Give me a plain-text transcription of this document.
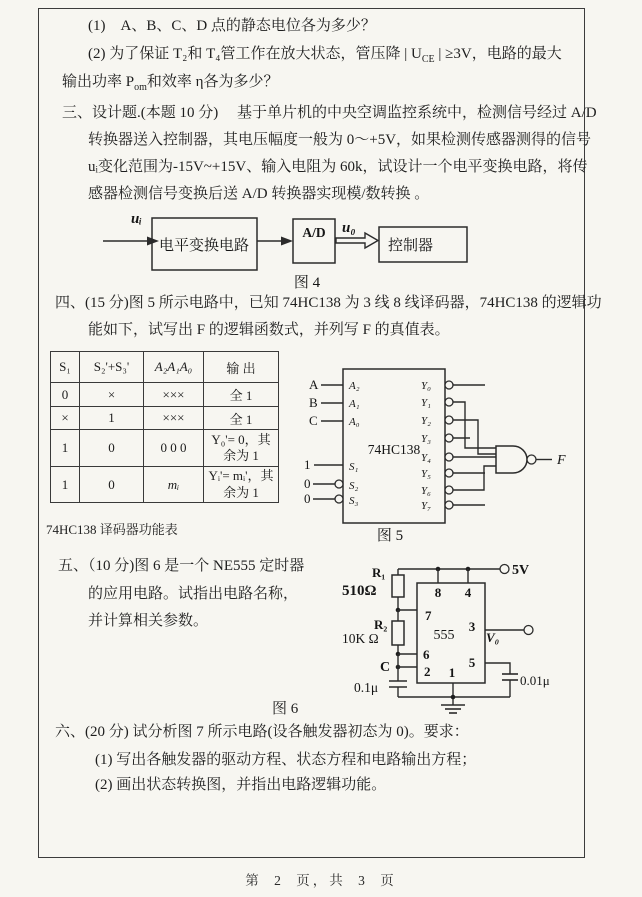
(1)　A、B、C、D 点的静态电位各为多少？
(2) 为了保证 T₂和 T₄管工作在放大状态，管压降 | $U_{CE}$ | ≥3V，电路的最大
输出功率 $P_{om}$和效率 η各为多少？
三、设计题.(本题 10 分)　 基于单片机的中央空调监控系统中，检测信号经过 A/D
转换器送入控制器，其电压幅度一般为 0～+5V，如果检测传感器测得的信号
uᵢ变化范围为-15V~+15V、输入电阻为 60k，试设计一个电平变换电路，将传
感器检测信号变换后送 A/D 转换器实现模/数转换 。
uᵢ
电平变换电路
A/D u₀
控制器
图 4
四、(15 分)图 5 所示电路中，已知 74HC138 为 3 线 8 线译码器，74HC138 的逻辑功
能如下，试写出 F 的逻辑函数式，并列写 F 的真值表。
S₁	S₂'+S₃'	A₂A₁A₀	输 出
0	×	×××	全 1
×	1	×××	全 1
1	0	0 0 0	Y₀'= 0，其余为 1
1	0	mᵢ	Yᵢ'= mᵢ'，其余为 1
74HC138 译码器功能表
74HC138
A
B
C
A₂
A₁
A₀
1	S₁
0	S₂
0	S₃
Y₀
Y₁
Y₂
Y₃
Y₄
Y₅
Y₆
Y₇
F
图 5
五、（10 分)图 6 是一个 NE555 定时器
的应用电路。试指出电路名称，
并计算相关参数。
5V
R₁
510Ω
R₂
10K Ω
C
0.1μ
8 4
7
6
2
3
5
1
555 V₀
0.01μ
图 6
六、(20 分) 试分析图 7 所示电路(设各触发器初态为 0)。要求：
(1) 写出各触发器的驱动方程、状态方程和电路输出方程；
(2) 画出状态转换图，并指出电路逻辑功能。
第 2 页，共 3 页
